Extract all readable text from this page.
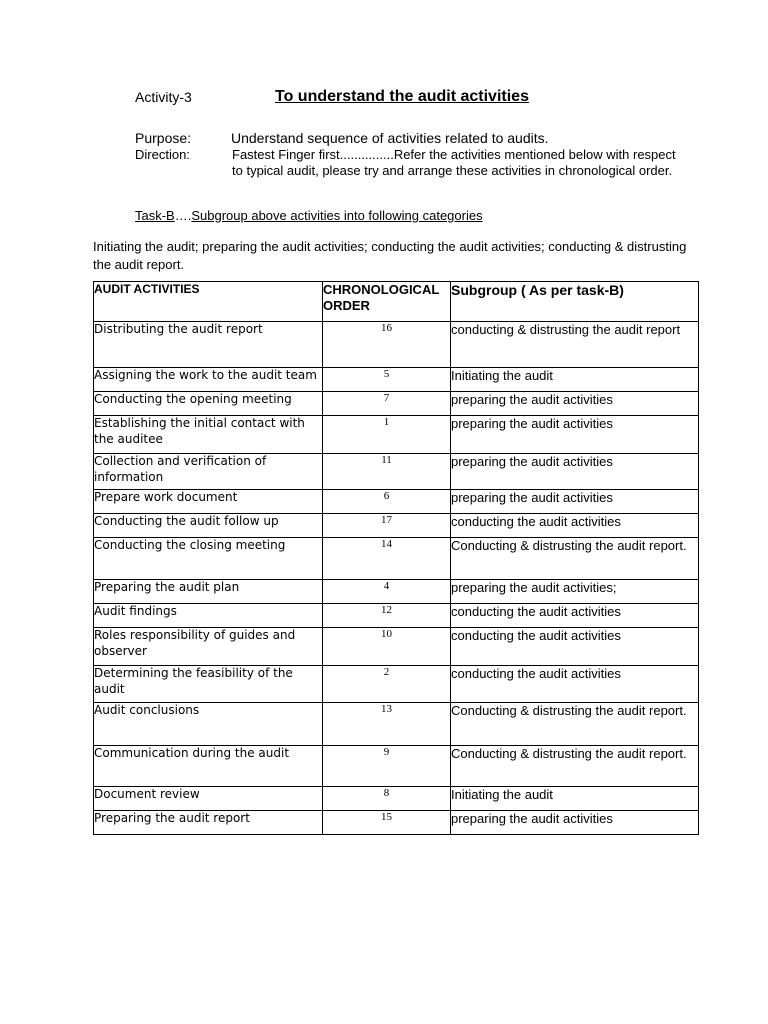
Activity-3	To understand the audit activities
Purpose:	Understand sequence of activities related to audits.
Direction:	Fastest Finger first...............Refer the activities mentioned below with respect to typical audit, please try and arrange these activities in chronological order.
Task-B….Subgroup above activities into following categories
Initiating the audit; preparing the audit activities; conducting the audit activities; conducting & distrusting the audit report.
AUDIT ACTIVITIES	CHRONOLOGICAL ORDER	Subgroup ( As per task-B)
Distributing the audit report	16	conducting & distrusting the audit report
Assigning the work to the audit team	5	Initiating the audit
Conducting the opening meeting	7	preparing the audit activities
Establishing the initial contact with the auditee	1	preparing the audit activities
Collection and verification of information	11	preparing the audit activities
Prepare work document	6	preparing the audit activities
Conducting the audit follow up	17	conducting the audit activities
Conducting the closing meeting	14	Conducting & distrusting the audit report.
Preparing the audit plan	4	preparing the audit activities;
Audit findings	12	conducting the audit activities
Roles responsibility of guides and observer	10	conducting the audit activities
Determining the feasibility of the audit	2	conducting the audit activities
Audit conclusions	13	Conducting & distrusting the audit report.
Communication during the audit	9	Conducting & distrusting the audit report.
Document review	8	Initiating the audit
Preparing the audit report	15	preparing the audit activities
